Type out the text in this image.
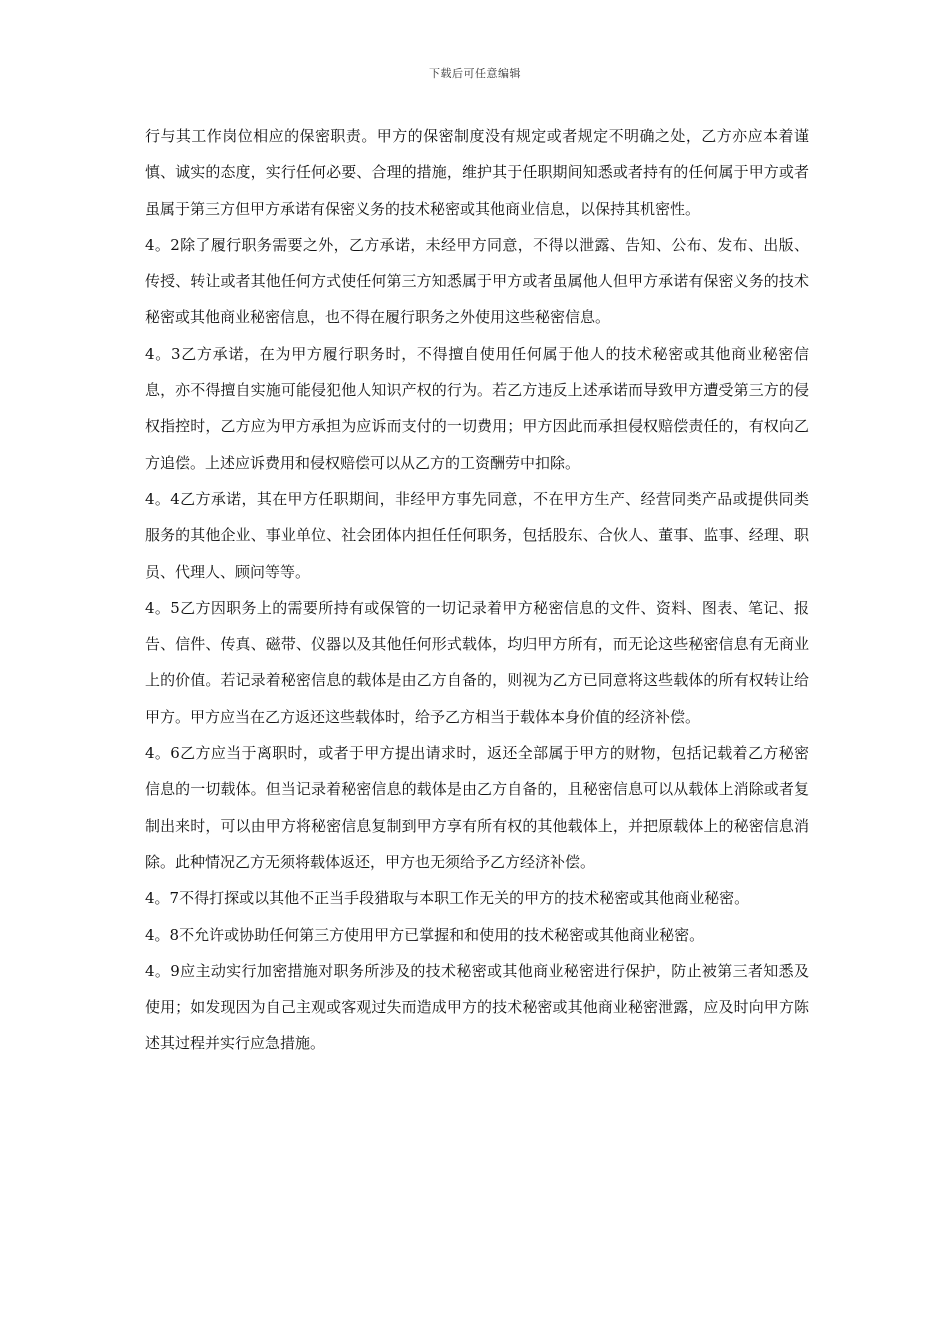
下载后可任意编辑

行与其工作岗位相应的保密职责。甲方的保密制度没有规定或者规定不明确之处，乙方亦应本着谨慎、诚实的态度，实行任何必要、合理的措施，维护其于任职期间知悉或者持有的任何属于甲方或者虽属于第三方但甲方承诺有保密义务的技术秘密或其他商业信息，以保持其机密性。

4。2除了履行职务需要之外，乙方承诺，未经甲方同意，不得以泄露、告知、公布、发布、出版、传授、转让或者其他任何方式使任何第三方知悉属于甲方或者虽属他人但甲方承诺有保密义务的技术秘密或其他商业秘密信息，也不得在履行职务之外使用这些秘密信息。

4。3乙方承诺，在为甲方履行职务时，不得擅自使用任何属于他人的技术秘密或其他商业秘密信息，亦不得擅自实施可能侵犯他人知识产权的行为。若乙方违反上述承诺而导致甲方遭受第三方的侵权指控时，乙方应为甲方承担为应诉而支付的一切费用；甲方因此而承担侵权赔偿责任的，有权向乙方追偿。上述应诉费用和侵权赔偿可以从乙方的工资酬劳中扣除。

4。4乙方承诺，其在甲方任职期间，非经甲方事先同意，不在甲方生产、经营同类产品或提供同类服务的其他企业、事业单位、社会团体内担任任何职务，包括股东、合伙人、董事、监事、经理、职员、代理人、顾问等等。

4。5乙方因职务上的需要所持有或保管的一切记录着甲方秘密信息的文件、资料、图表、笔记、报告、信件、传真、磁带、仪器以及其他任何形式载体，均归甲方所有，而无论这些秘密信息有无商业上的价值。若记录着秘密信息的载体是由乙方自备的，则视为乙方已同意将这些载体的所有权转让给甲方。甲方应当在乙方返还这些载体时，给予乙方相当于载体本身价值的经济补偿。

4。6乙方应当于离职时，或者于甲方提出请求时，返还全部属于甲方的财物，包括记载着乙方秘密信息的一切载体。但当记录着秘密信息的载体是由乙方自备的，且秘密信息可以从载体上消除或者复制出来时，可以由甲方将秘密信息复制到甲方享有所有权的其他载体上，并把原载体上的秘密信息消除。此种情况乙方无须将载体返还，甲方也无须给予乙方经济补偿。

4。7不得打探或以其他不正当手段猎取与本职工作无关的甲方的技术秘密或其他商业秘密。

4。8不允许或协助任何第三方使用甲方已掌握和和使用的技术秘密或其他商业秘密。

4。9应主动实行加密措施对职务所涉及的技术秘密或其他商业秘密进行保护，防止被第三者知悉及使用；如发现因为自己主观或客观过失而造成甲方的技术秘密或其他商业秘密泄露，应及时向甲方陈述其过程并实行应急措施。
